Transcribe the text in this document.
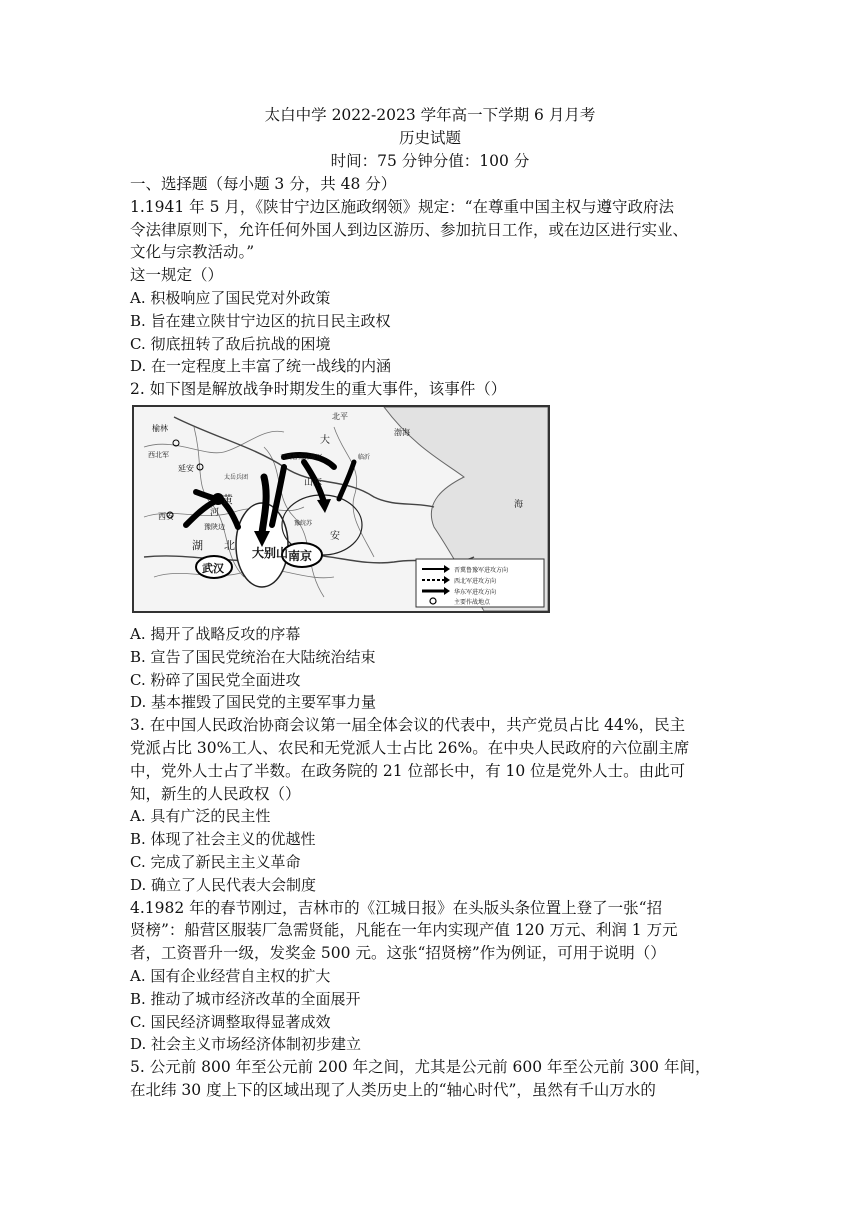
太白中学 2022-2023 学年高一下学期 6 月月考
历史试题
时间：75 分钟分值：100 分
一、选择题（每小题 3 分，共 48 分）
1.1941 年 5 月，《陕甘宁边区施政纲领》规定：“在尊重中国主权与遵守政府法
令法律原则下，允许任何外国人到边区游历、参加抗日工作，或在边区进行实业、
文化与宗教活动。”
这一规定（）
A. 积极响应了国民党对外政策
B. 旨在建立陕甘宁边区的抗日民主政权
C. 彻底扭转了敌后抗战的困境
D. 在一定程度上丰富了统一战线的内涵
2. 如下图是解放战争时期发生的重大事件，该事件（）
北平
榆林
西北军
延安
太岳兵团
晋冀鲁豫野战军
西安
豫陕边
湖 北
武汉
大别山 南京
豫皖苏
安
临沂
山东
黄
河
大
渤海
海
晋冀鲁豫军进攻方向
西北军进攻方向
华东军进攻方向
主要作战地点
A. 揭开了战略反攻的序幕
B. 宣告了国民党统治在大陆统治结束
C. 粉碎了国民党全面进攻
D. 基本摧毁了国民党的主要军事力量
3. 在中国人民政治协商会议第一届全体会议的代表中，共产党员占比 44%，民主
党派占比 30%工人、农民和无党派人士占比 26%。在中央人民政府的六位副主席
中，党外人士占了半数。在政务院的 21 位部长中，有 10 位是党外人士。由此可
知，新生的人民政权（）
A. 具有广泛的民主性
B. 体现了社会主义的优越性
C. 完成了新民主主义革命
D. 确立了人民代表大会制度
4.1982 年的春节刚过，吉林市的《江城日报》在头版头条位置上登了一张“招
贤榜”：船营区服装厂急需贤能，凡能在一年内实现产值 120 万元、利润 1 万元
者，工资晋升一级，发奖金 500 元。这张“招贤榜”作为例证，可用于说明（）
A. 国有企业经营自主权的扩大
B. 推动了城市经济改革的全面展开
C. 国民经济调整取得显著成效
D. 社会主义市场经济体制初步建立
5. 公元前 800 年至公元前 200 年之间，尤其是公元前 600 年至公元前 300 年间，
在北纬 30 度上下的区域出现了人类历史上的“轴心时代”，虽然有千山万水的
